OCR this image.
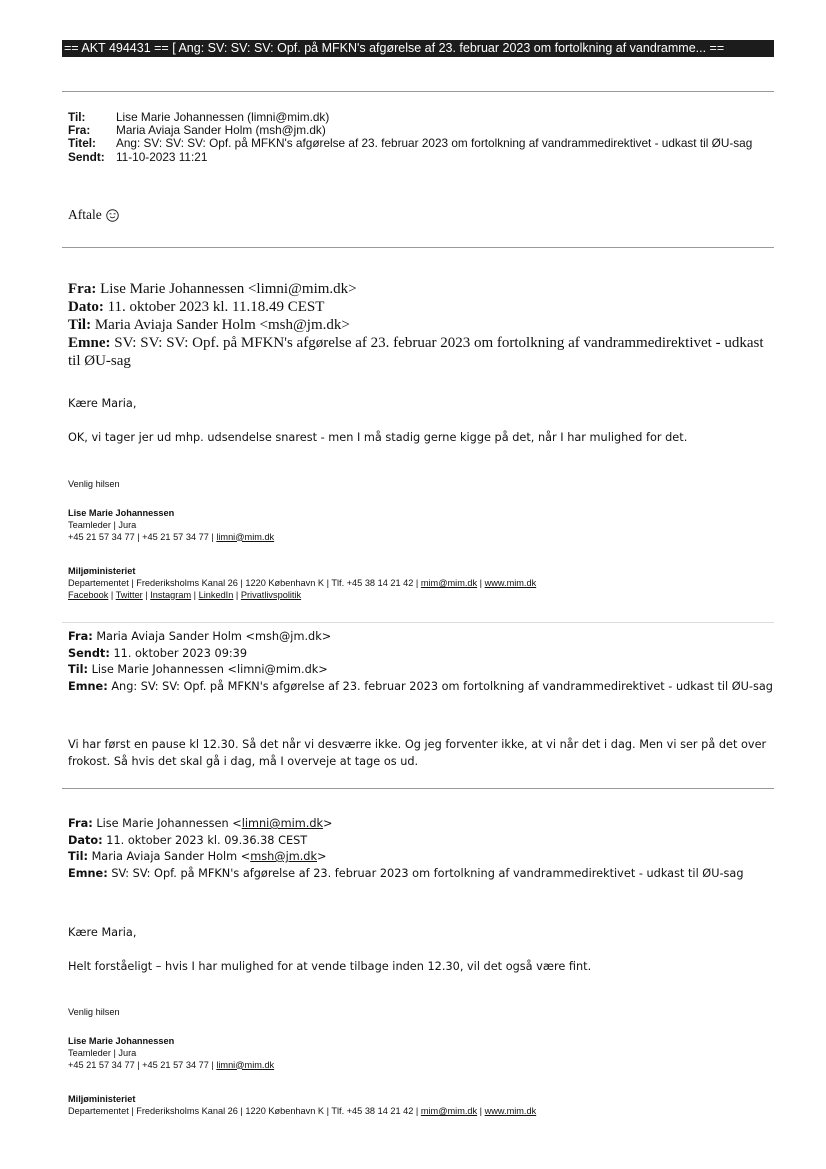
== AKT 494431 == [ Ang: SV: SV: SV: Opf. på MFKN's afgørelse af 23. februar 2023 om fortolkning af vandramme... ==
Til:	Lise Marie Johannessen (limni@mim.dk)
Fra:	Maria Aviaja Sander Holm (msh@jm.dk)
Titel:	Ang: SV: SV: SV: Opf. på MFKN's afgørelse af 23. februar 2023 om fortolkning af vandrammedirektivet - udkast til ØU-sag
Sendt: 11-10-2023 11:21
Aftale
Fra: Lise Marie Johannessen <limni@mim.dk>
Dato: 11. oktober 2023 kl. 11.18.49 CEST
Til: Maria Aviaja Sander Holm <msh@jm.dk>
Emne: SV: SV: SV: Opf. på MFKN's afgørelse af 23. februar 2023 om fortolkning af vandrammedirektivet - udkast til ØU-sag
Kære Maria,
OK, vi tager jer ud mhp. udsendelse snarest - men I må stadig gerne kigge på det, når I har mulighed for det.
Venlig hilsen
Lise Marie Johannessen
Teamleder | Jura
+45 21 57 34 77 | +45 21 57 34 77 | limni@mim.dk
Miljøministeriet
Departementet | Frederiksholms Kanal 26 | 1220 København K | Tlf. +45 38 14 21 42 | mim@mim.dk | www.mim.dk
Facebook | Twitter | Instagram | LinkedIn | Privatlivspolitik
Fra: Maria Aviaja Sander Holm <msh@jm.dk>
Sendt: 11. oktober 2023 09:39
Til: Lise Marie Johannessen <limni@mim.dk>
Emne: Ang: SV: SV: Opf. på MFKN's afgørelse af 23. februar 2023 om fortolkning af vandrammedirektivet - udkast til ØU-sag
Vi har først en pause kl 12.30. Så det når vi desværre ikke. Og jeg forventer ikke, at vi når det i dag. Men vi ser på det over frokost. Så hvis det skal gå i dag, må I overveje at tage os ud.
Fra: Lise Marie Johannessen <limni@mim.dk>
Dato: 11. oktober 2023 kl. 09.36.38 CEST
Til: Maria Aviaja Sander Holm <msh@jm.dk>
Emne: SV: SV: Opf. på MFKN's afgørelse af 23. februar 2023 om fortolkning af vandrammedirektivet - udkast til ØU-sag
Kære Maria,
Helt forståeligt – hvis I har mulighed for at vende tilbage inden 12.30, vil det også være fint.
Venlig hilsen
Lise Marie Johannessen
Teamleder | Jura
+45 21 57 34 77 | +45 21 57 34 77 | limni@mim.dk
Miljøministeriet
Departementet | Frederiksholms Kanal 26 | 1220 København K | Tlf. +45 38 14 21 42 | mim@mim.dk | www.mim.dk
